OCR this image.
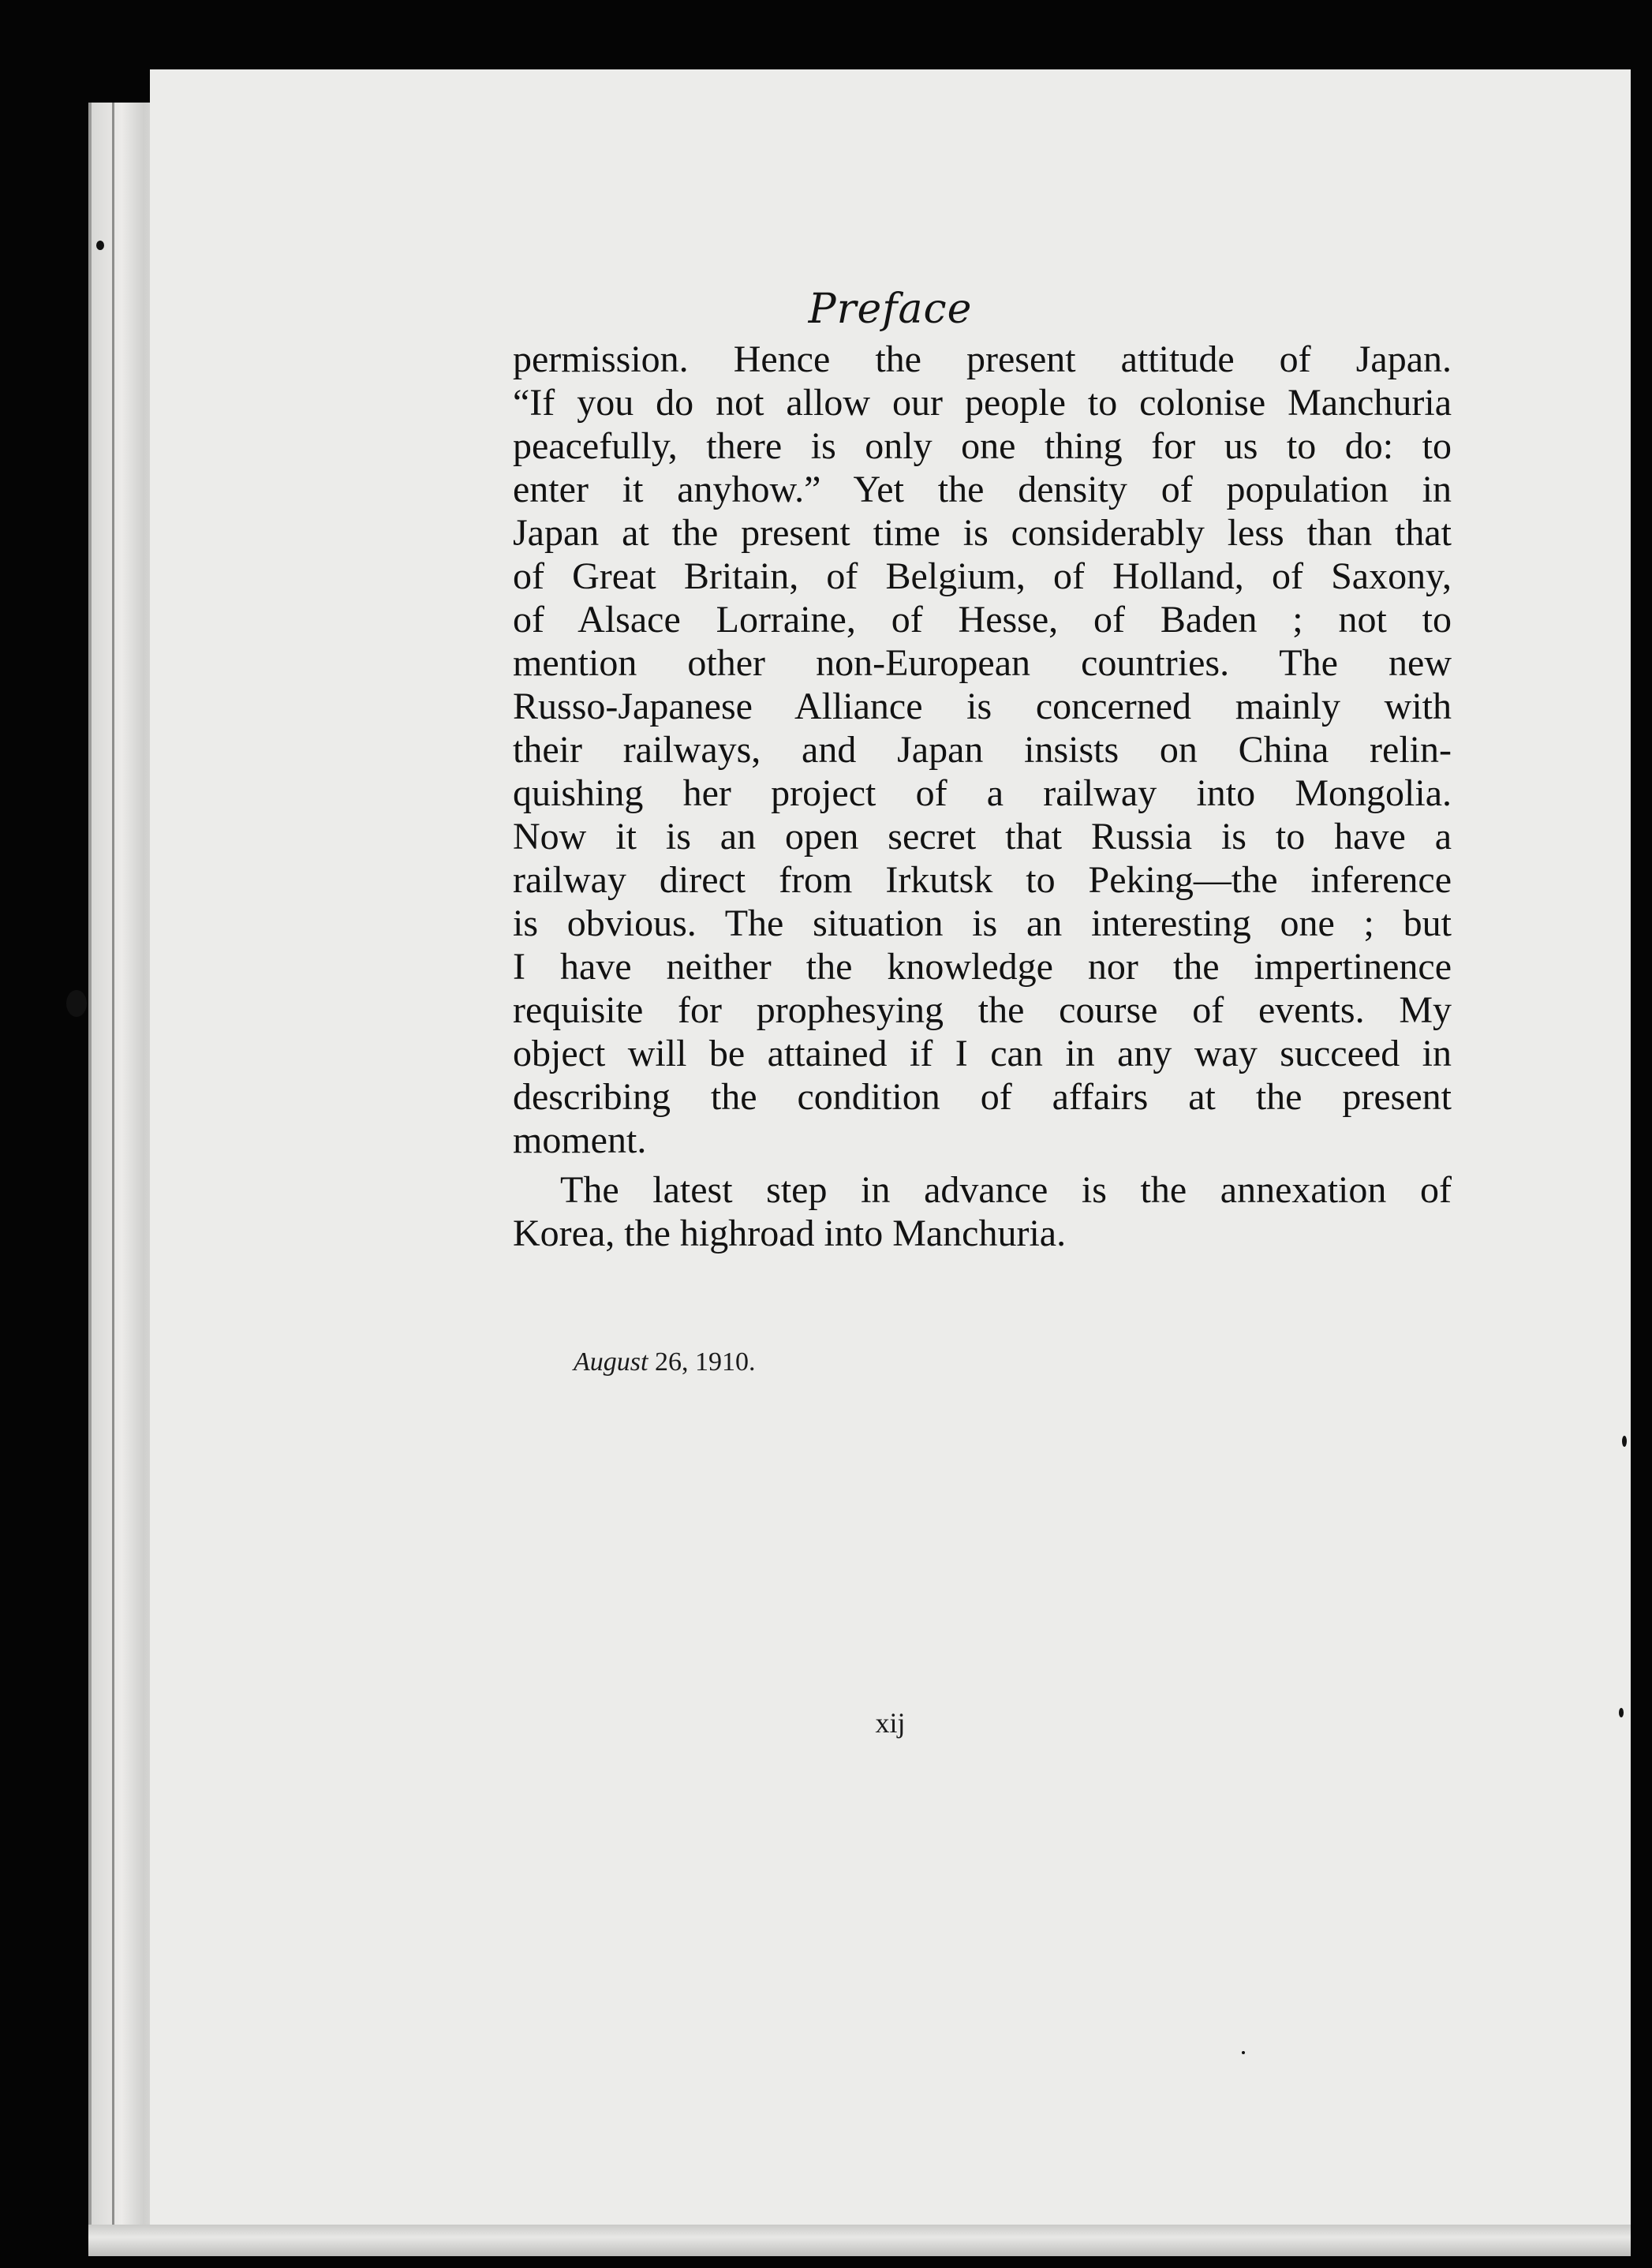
Preface
permission. Hence the present attitude of Japan.
“If you do not allow our people to colonise Manchuria
peacefully, there is only one thing for us to do: to
enter it anyhow.” Yet the density of population in
Japan at the present time is considerably less than that
of Great Britain, of Belgium, of Holland, of Saxony,
of Alsace Lorraine, of Hesse, of Baden ; not to
mention other non-European countries. The new
Russo-Japanese Alliance is concerned mainly with
their railways, and Japan insists on China relin-
quishing her project of a railway into Mongolia.
Now it is an open secret that Russia is to have a
railway direct from Irkutsk to Peking—the inference
is obvious. The situation is an interesting one ; but
I have neither the knowledge nor the impertinence
requisite for prophesying the course of events. My
object will be attained if I can in any way succeed in
describing the condition of affairs at the present
moment.
The latest step in advance is the annexation of
Korea, the highroad into Manchuria.
August 26, 1910.
xij
